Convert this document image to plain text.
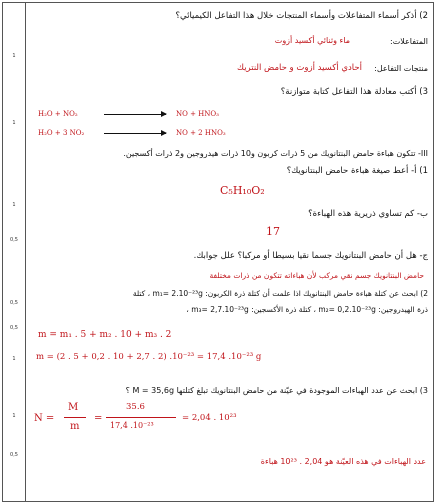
1
1
1
0,5
0,5
0,5
1
1
0,5
2) أذكر أسماء المتفاعلات وأسماء المنتجات خلال هذا التفاعل الكيميائي؟
المتفاعلات:
ماء وثنائي أكسيد أزوت
منتجات التفاعل:
أحادي أكسيد أزوت و حامض النتريك
3) أكتب معادلة هذا التفاعل كتابة متوازنة؟
H₂O + NO₂ → NO + HNO₃
H₂O + 3 NO₂ → NO + 2 HNO₃
III- تتكون هباءة حامض البنتانويك من 5 ذرات كربون و10 ذرات هيدروجين و2 ذرات أكسجين.
1) أ- أعط صيغة هباءة حامض البنتانويك؟
C₅H₁₀O₂
ب- كم تساوي ذريرية هذه الهباءة؟
17
ج- هل أن حامض البنتانويك جسما نقيا بسيطا أو مركبا؟ علل جوابك.
حامض البنتانويك جسم نقي مركب لأن هباءاته تتكون من ذرات مختلفة
2) ابحث عن كتلة هباءة حامض البنتانويك اذا علمت أن كتلة ذرة الكربون: m₁= 2.10⁻²³g ، كتلة
ذرة الهيدروجين: m₂= 0,2.10⁻²³g ، كتلة ذرة الأكسجين: m₃= 2,7.10⁻²³g ،
m = m₁ . 5 + m₂ . 10 + m₃ . 2
m = (2 . 5 + 0,2 . 10 + 2,7 . 2) .10⁻²³ = 17,4 .10⁻²³ g
3) ابحث عن عدد الهباءات الموجودة في عيّنة من حامض البنتانويك تبلغ كتلتها M = 35,6g ؟
N =
M
m
=
35.6
17,4 .10⁻²³
= 2,04 . 10²³
عدد الهباءات في هذه العيّنة هو 2,04 . 10²³ هباءة
